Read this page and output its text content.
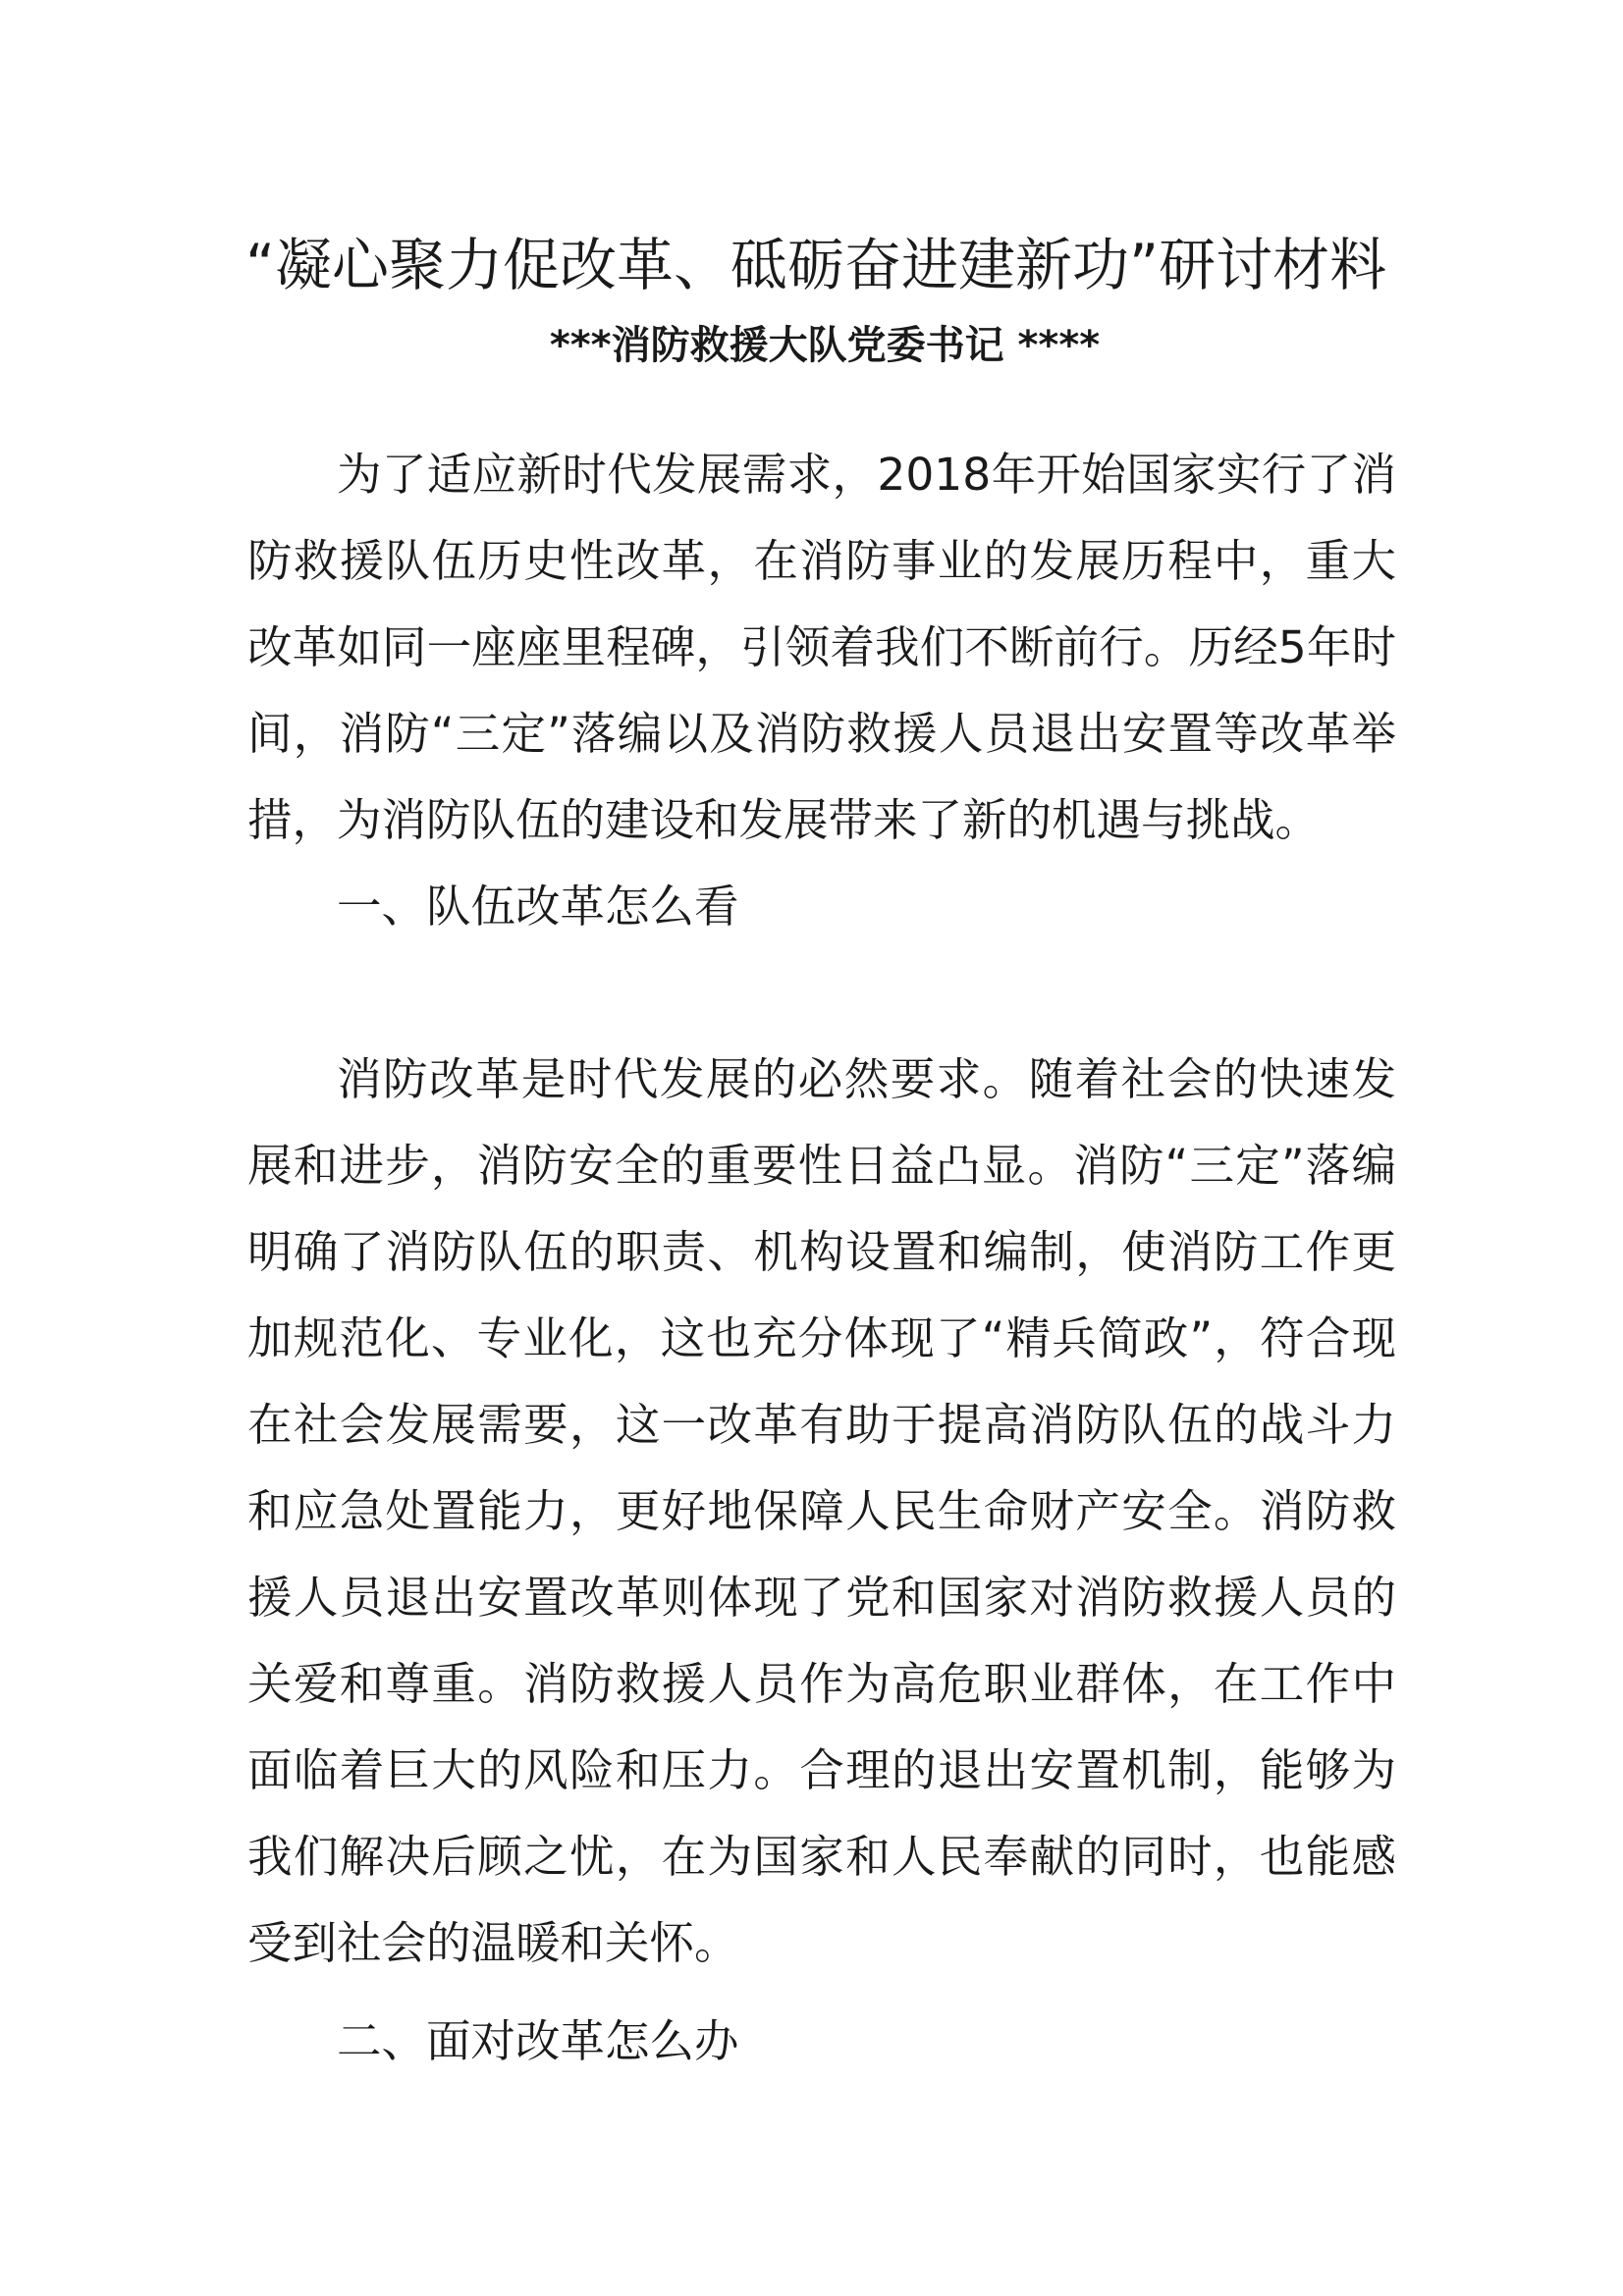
“凝心聚力促改革、砥砺奋进建新功”研讨材料
***消防救援大队党委书记 ****

为了适应新时代发展需求，2018年开始国家实行了消防救援队伍历史性改革，在消防事业的发展历程中，重大改革如同一座座里程碑，引领着我们不断前行。历经5年时间，消防“三定”落编以及消防救援人员退出安置等改革举措，为消防队伍的建设和发展带来了新的机遇与挑战。

一、队伍改革怎么看

消防改革是时代发展的必然要求。随着社会的快速发展和进步，消防安全的重要性日益凸显。消防“三定”落编明确了消防队伍的职责、机构设置和编制，使消防工作更加规范化、专业化，这也充分体现了“精兵简政”，符合现在社会发展需要，这一改革有助于提高消防队伍的战斗力和应急处置能力，更好地保障人民生命财产安全。消防救援人员退出安置改革则体现了党和国家对消防救援人员的关爱和尊重。消防救援人员作为高危职业群体，在工作中面临着巨大的风险和压力。合理的退出安置机制，能够为我们解决后顾之忧，在为国家和人民奉献的同时，也能感受到社会的温暖和关怀。

二、面对改革怎么办
